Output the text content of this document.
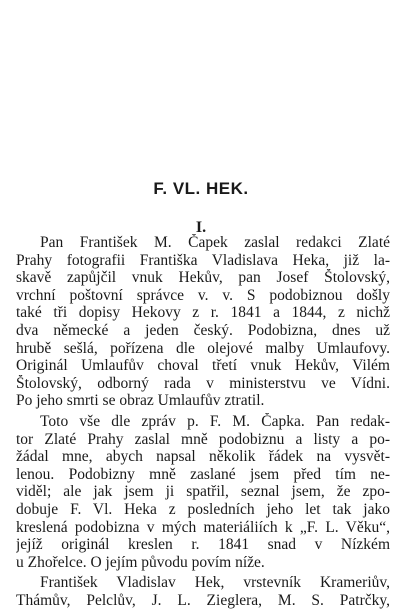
F. VL. HEK.
I.
Pan František M. Čapek zaslal redakci Zlaté
Prahy fotografii Františka Vladislava Heka, již la-
skavě zapůjčil vnuk Hekův, pan Josef Štolovský,
vrchní poštovní správce v. v. S podobiznou došly
také tři dopisy Hekovy z r. 1841 a 1844, z nichž
dva německé a jeden český. Podobizna, dnes už
hrubě sešlá, pořízena dle olejové malby Umlaufovy.
Originál Umlaufův choval třetí vnuk Hekův, Vilém
Štolovský, odborný rada v ministerstvu ve Vídni.
Po jeho smrti se obraz Umlaufův ztratil.
Toto vše dle zpráv p. F. M. Čapka. Pan redak-
tor Zlaté Prahy zaslal mně podobiznu a listy a po-
žádal mne, abych napsal několik řádek na vysvět-
lenou. Podobizny mně zaslané jsem před tím ne-
viděl; ale jak jsem ji spatřil, seznal jsem, že zpo-
dobuje F. Vl. Heka z posledních jeho let tak jako
kreslená podobizna v mých materiáliích k „F. L. Věku“,
jejíž originál kreslen r. 1841 snad v Nízkém
u Zhořelce. O jejím původu povím níže.
František Vladislav Hek, vrstevník Krameriův,
Thámův, Pelclův, J. L. Zieglera, M. S. Patrčky,
